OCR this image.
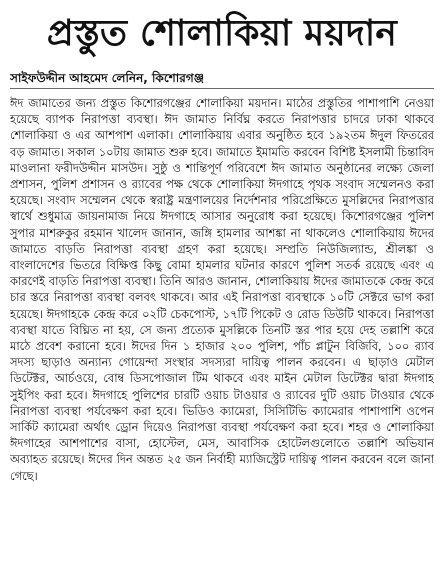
প্রস্তুত শোলাকিয়া ময়দান
সাইফউদ্দীন আহমেদ লেনিন, কিশোরগঞ্জ

ঈদ জামাতের জন্য প্রস্তুত কিশোরগঞ্জের শোলাকিয়া ময়দান। মাঠের প্রস্তুতির পাশাপাশি নেওয়া হয়েছে ব্যাপক নিরাপত্তা ব্যবস্থা। ঈদ জামাত নির্বিঘ্ন করতে নিরাপত্তার চাদরে ঢাকা থাকবে শোলাকিয়া ও এর আশপাশ এলাকা। শোলাকিয়ায় এবার অনুষ্ঠিত হবে ১৯২তম ঈদুল ফিতরের বড় জামাত। সকাল ১০টায় জামাত শুরু হবে। জামাতে ইমামতি করবেন বিশিষ্ট ইসলামী চিন্তাবিদ মাওলানা ফরীদউদ্দীন মাসউদ। সুষ্ঠু ও শান্তিপূর্ণ পরিবেশে ঈদ জামাত অনুষ্ঠানের লক্ষ্যে জেলা প্রশাসন, পুলিশ প্রশাসন ও র‍্যাবের পক্ষ থেকে শোলাকিয়া ঈদগাহে পৃথক সংবাদ সম্মেলনও করা হয়েছে। সংবাদ সম্মেলন থেকে স্বরাষ্ট্র মন্ত্রণালয়ের নির্দেশনার পরিপ্রেক্ষিতে মুসল্লিদের নিরাপত্তার স্বার্থে শুধুমাত্র জায়নামাজ নিয়ে ঈদগাহে আসার অনুরোধ করা হয়েছে। কিশোরগঞ্জের পুলিশ সুপার মাশরুকুর রহমান খালেদ জানান, জঙ্গি হামলার আশঙ্কা না থাকলেও শোলাকিয়ায় ঈদের জামাতে বাড়তি নিরাপত্তা ব্যবস্থা গ্রহণ করা হয়েছে। সম্প্রতি নিউজিল্যান্ড, শ্রীলঙ্কা ও বাংলাদেশের ভিতরে বিক্ষিপ্ত কিছু বোমা হামলার ঘটনার কারণে পুলিশ সতর্ক রয়েছে এবং এ কারণেই বাড়তি নিরাপত্তা ব্যবস্থা। তিনি আরও জানান, শোলাকিয়ায় ঈদের জামাতকে কেন্দ্র করে চার স্তরে নিরাপত্তা ব্যবস্থা বলবৎ থাকবে। আর এই নিরাপত্তা ব্যবস্থাকে ১০টি সেক্টরে ভাগ করা হয়েছে। ঈদগাহকে কেন্দ্র করে ০২টি চেকপোস্ট, ১৭টি পিকেট ও রোড ডিউটি থাকবে। নিরাপত্তা ব্যবস্থা যাতে বিঘ্নিত না হয়, সে জন্য প্রত্যেক মুসল্লিকে তিনটি স্তর পার হয়ে দেহ তল্লাশি করে মাঠে প্রবেশ করানো হবে। ঈদের দিন ১ হাজার ২০০ পুলিশ, পাঁচ প্লাটুন বিজিবি, ১০০ র‍্যাব সদস্য ছাড়াও অন্যান্য গোয়েন্দা সংস্থার সদস্যরা দায়িত্ব পালন করবেন। এ ছাড়াও মেটাল ডিটেক্টর, আর্চওয়ে, বোম্ব ডিসপোজাল টিম থাকবে এবং মাইন মেটাল ডিটেক্টর দ্বারা ঈদগাহ সুইপিং করা হবে। ঈদগাহে পুলিশের চারটি ওয়াচ টাওয়ার ও র‍্যাবের দুটি ওয়াচ টাওয়ার থেকে নিরাপত্তা ব্যবস্থা পর্যবেক্ষণ করা হবে। ভিডিও ক্যামেরা, সিসিটিভি ক্যামেরার পাশাপাশি ওপেন সার্কিট ক্যামেরা অর্থাৎ ড্রোন দিয়েও নিরাপত্তা ব্যবস্থা পর্যবেক্ষণ করা হবে। শহর ও শোলাকিয়া ঈদগাহের আশপাশের বাসা, হোস্টেল, মেস, আবাসিক হোটেলগুলোতে তল্লাশি অভিযান অব্যাহত রয়েছে। ঈদের দিন অন্তত ২৫ জন নির্বাহী ম্যাজিস্ট্রেট দায়িত্ব পালন করবেন বলে জানা গেছে।
